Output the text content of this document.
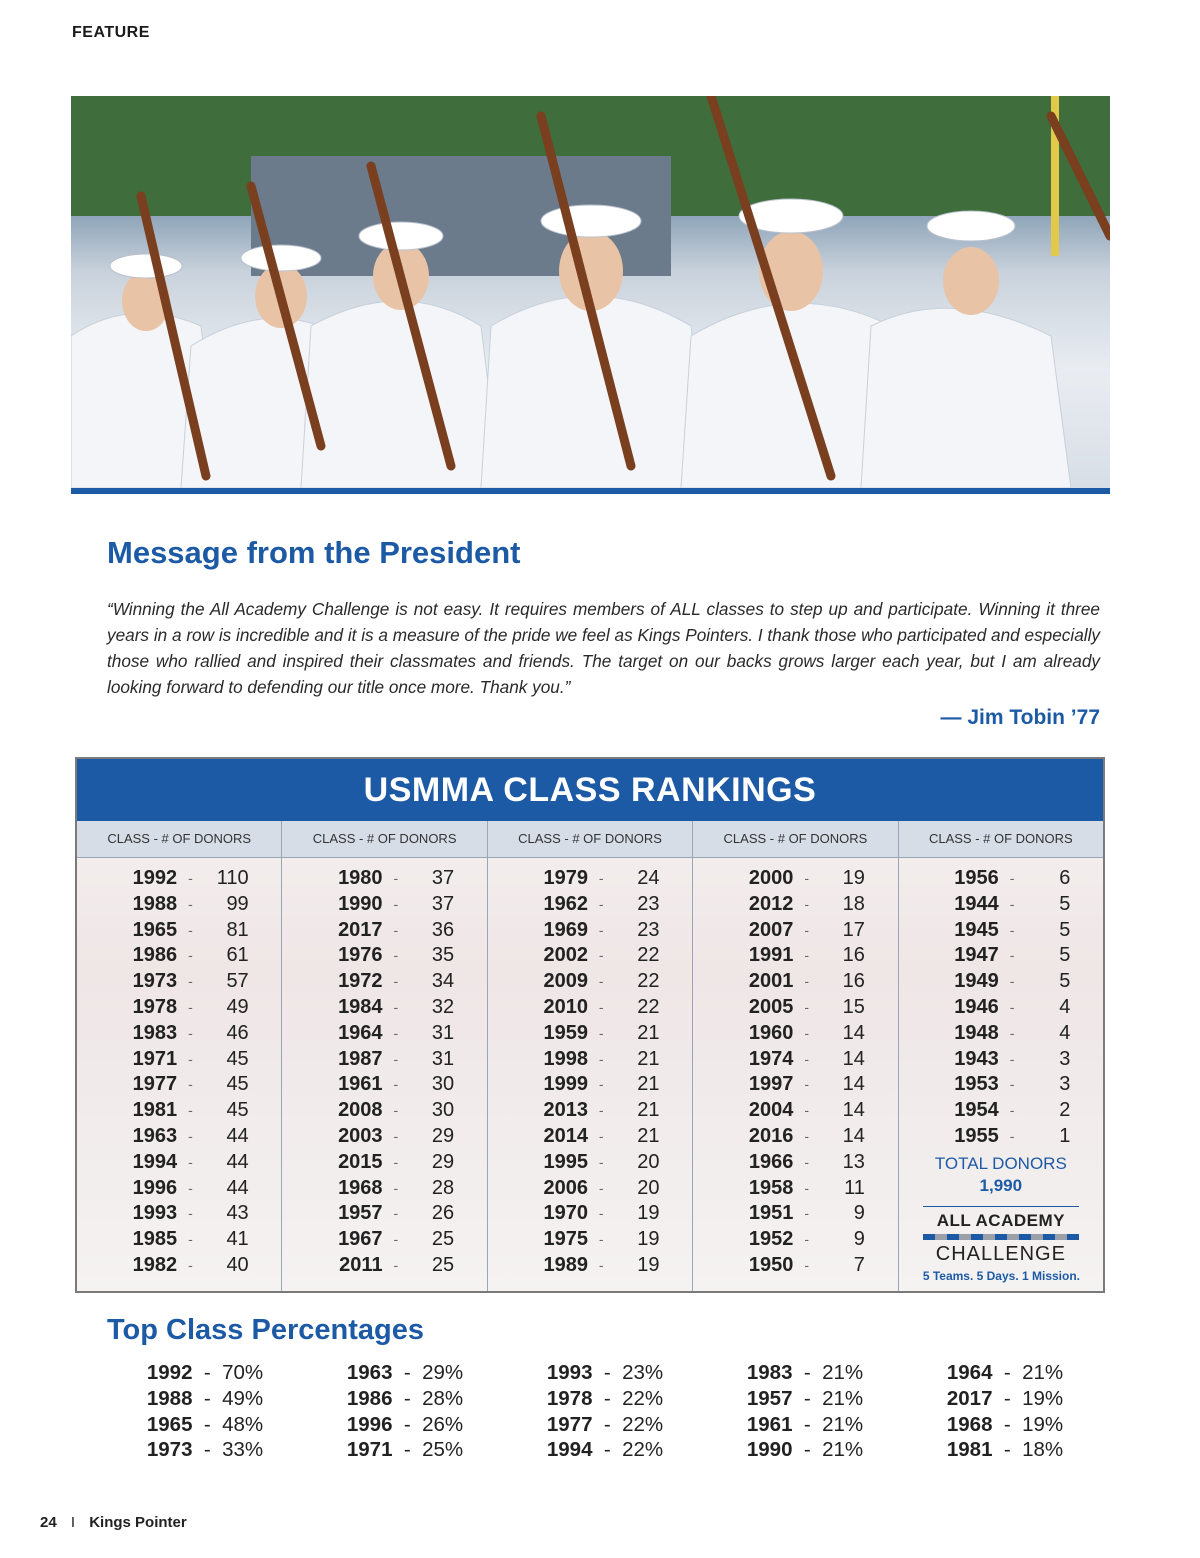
FEATURE
Message from the President
“Winning the All Academy Challenge is not easy. It requires members of ALL classes to step up and participate. Winning it three years in a row is incredible and it is a measure of the pride we feel as Kings Pointers. I thank those who participated and especially those who rallied and inspired their classmates and friends. The target on our backs grows larger each year, but I am already looking forward to defending our title once more. Thank you.”
— Jim Tobin ’77
USMMA CLASS RANKINGS
CLASS - # OF DONORS	CLASS - # OF DONORS	CLASS - # OF DONORS	CLASS - # OF DONORS	CLASS - # OF DONORS
1992 -	110
1988 -	99
1965 -	81
1986 -	61
1973 -	57
1978 -	49
1983 -	46
1971 -	45
1977 -	45
1981 -	45
1963 -	44
1994 -	44
1996 -	44
1993 -	43
1985 -	41
1982 -	40
1980 -	37
1990 -	37
2017 -	36
1976 -	35
1972 -	34
1984 -	32
1964 -	31
1987 -	31
1961 -	30
2008 -	30
2003 -	29
2015 -	29
1968 -	28
1957 -	26
1967 -	25
2011 -	25
1979 -	24
1962 -	23
1969 -	23
2002 -	22
2009 -	22
2010 -	22
1959 -	21
1998 -	21
1999 -	21
2013 -	21
2014 -	21
1995 -	20
2006 -	20
1970 -	19
1975 -	19
1989 -	19
2000 -	19
2012 -	18
2007 -	17
1991 -	16
2001 -	16
2005 -	15
1960 -	14
1974 -	14
1997 -	14
2004 -	14
2016 -	14
1966 -	13
1958 -	11
1951 -	9
1952 -	9
1950 -	7
1956 -	6
1944 -	5
1945 -	5
1947 -	5
1949 -	5
1946 -	4
1948 -	4
1943 -	3
1953 -	3
1954 -	2
1955 -	1
TOTAL DONORS
1,990
ALL ACADEMY
CHALLENGE
5 Teams. 5 Days. 1 Mission.
Top Class Percentages
1992  -  70%
1988  -  49%
1965  -  48%
1973  -  33%
1963  -  29%
1986  -  28%
1996  -  26%
1971  -  25%
1993  -  23%
1978  -  22%
1977  -  22%
1994  -  22%
1983  -  21%
1957  -  21%
1961  -  21%
1990  -  21%
1964  -  21%
2017  -  19%
1968  -  19%
1981  -  18%
24 I Kings Pointer
